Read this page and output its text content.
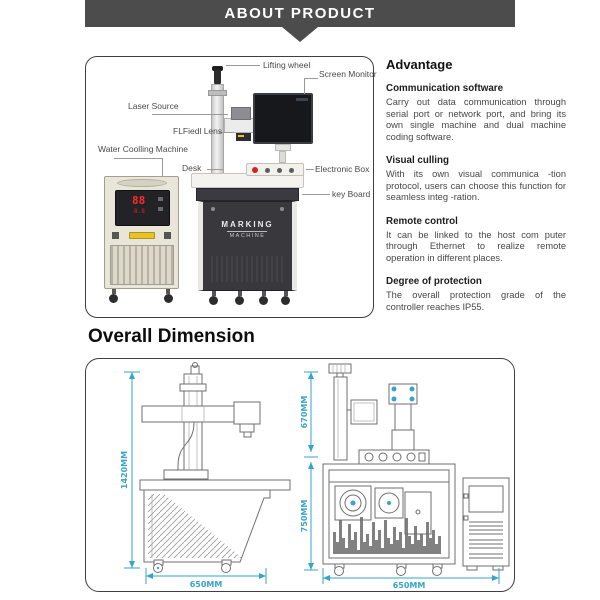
ABOUT PRODUCT
88
8.8
MARKING
MACHINE
Lifting wheel
Screen Monitor
Laser Source
FLFiedl Lens
Water Coolling Machine
Desk	Electronic Box
key Board
Advantage
Communication software
Carry out data communication through serial port or network port, and bring its own single machine and dual machine coding software.
Visual culling
With its own visual communica -tion protocol, users can choose this function for seamless integ -ration.
Remote control
It can be linked to the host com puter through Ethernet to realize remote operation in different places.
Degree of protection
The overall protection grade of the controller reaches IP55.
Overall Dimension
1420MM
650MM
670MM
750MM
650MM
